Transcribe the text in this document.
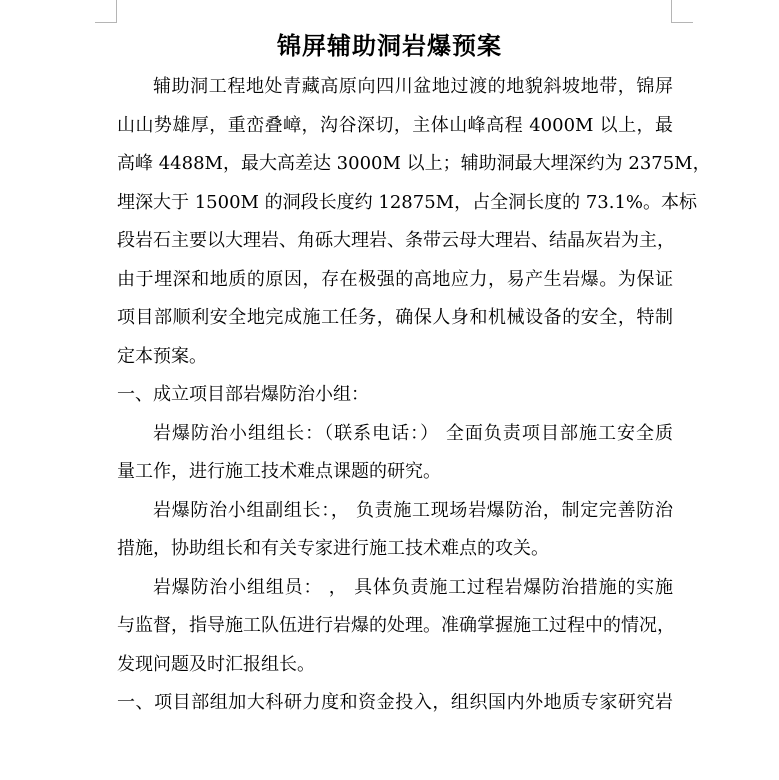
锦屏辅助洞岩爆预案
辅助洞工程地处青藏高原向四川盆地过渡的地貌斜坡地带，锦屏
山山势雄厚，重峦叠嶂，沟谷深切，主体山峰高程 4000M 以上，最
高峰 4488M，最大高差达 3000M 以上；辅助洞最大埋深约为 2375M，
埋深大于 1500M 的洞段长度约 12875M，占全洞长度的 73.1%。本标
段岩石主要以大理岩、角砾大理岩、条带云母大理岩、结晶灰岩为主，
由于埋深和地质的原因，存在极强的高地应力，易产生岩爆。为保证
项目部顺利安全地完成施工任务，确保人身和机械设备的安全，特制
定本预案。
一、成立项目部岩爆防治小组：
岩爆防治小组组长：（联系电话：） 全面负责项目部施工安全质
量工作，进行施工技术难点课题的研究。
岩爆防治小组副组长：， 负责施工现场岩爆防治，制定完善防治
措施，协助组长和有关专家进行施工技术难点的攻关。
岩爆防治小组组员： ， 具体负责施工过程岩爆防治措施的实施
与监督，指导施工队伍进行岩爆的处理。准确掌握施工过程中的情况，
发现问题及时汇报组长。
一、项目部组加大科研力度和资金投入，组织国内外地质专家研究岩
